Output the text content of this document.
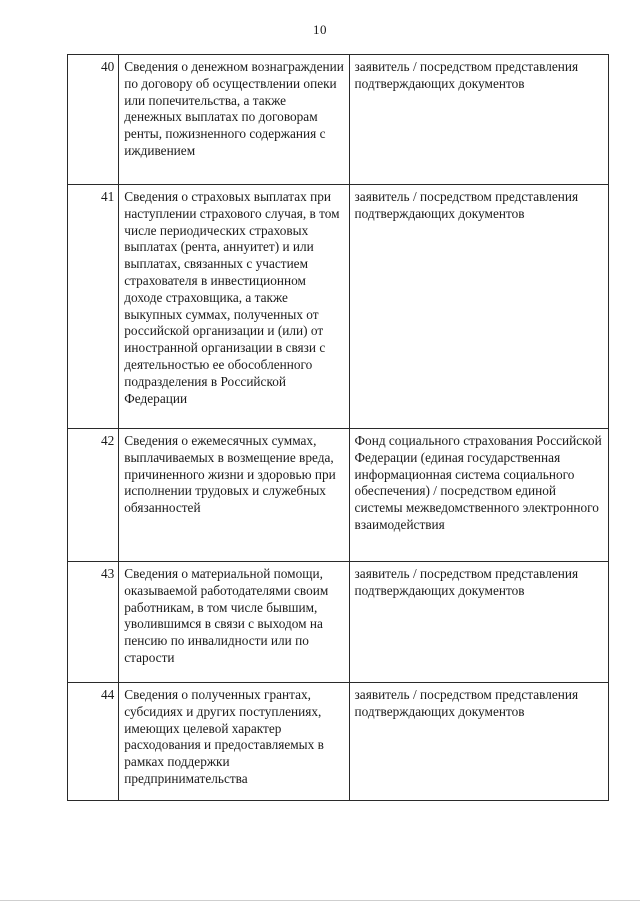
10
40	Сведения о денежном вознаграждении по договору об осуществлении опеки или попечительства, а также денежных выплатах по договорам ренты, пожизненного содержания с иждивением	заявитель / посредством представления подтверждающих документов
41	Сведения о страховых выплатах при наступлении страхового случая, в том числе периодических страховых выплатах (рента, аннуитет) и или выплатах, связанных с участием страхователя в инвестиционном доходе страховщика, а также выкупных суммах, полученных от российской организации и (или) от иностранной организации в связи с деятельностью ее обособленного подразделения в Российской Федерации	заявитель / посредством представления подтверждающих документов
42	Сведения о ежемесячных суммах, выплачиваемых в возмещение вреда, причиненного жизни и здоровью при исполнении трудовых и служебных обязанностей	Фонд социального страхования Российской Федерации (единая государственная информационная система социального обеспечения) / посредством единой системы межведомственного электронного взаимодействия
43	Сведения о материальной помощи, оказываемой работодателями своим работникам, в том числе бывшим, уволившимся в связи с выходом на пенсию по инвалидности или по старости	заявитель / посредством представления подтверждающих документов
44	Сведения о полученных грантах, субсидиях и других поступлениях, имеющих целевой характер расходования и предоставляемых в рамках поддержки предпринимательства	заявитель / посредством представления подтверждающих документов
